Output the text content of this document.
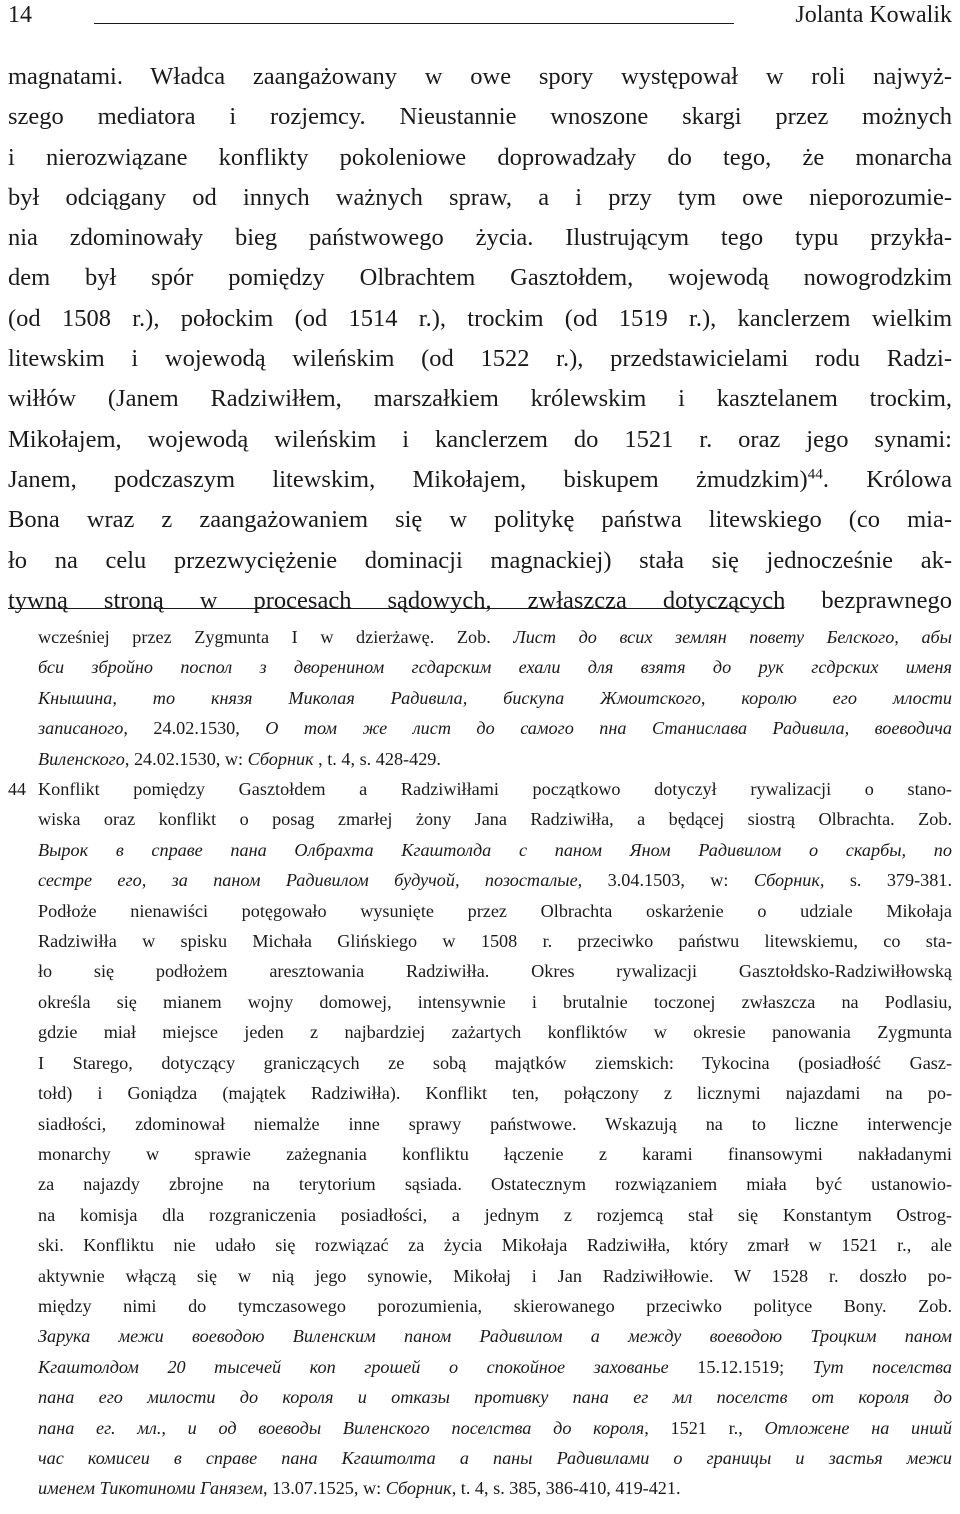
14	Jolanta Kowalik
magnatami. Władca zaangażowany w owe spory występował w roli najwyż-
szego mediatora i rozjemcy. Nieustannie wnoszone skargi przez możnych
i nierozwiązane konflikty pokoleniowe doprowadzały do tego, że monarcha
był odciągany od innych ważnych spraw, a i przy tym owe nieporozumie-
nia zdominowały bieg państwowego życia. Ilustrującym tego typu przykła-
dem był spór pomiędzy Olbrachtem Gasztołdem, wojewodą nowogrodzkim
(od 1508 r.), połockim (od 1514 r.), trockim (od 1519 r.), kanclerzem wielkim
litewskim i wojewodą wileńskim (od 1522 r.), przedstawicielami rodu Radzi-
wiłłów (Janem Radziwiłłem, marszałkiem królewskim i kasztelanem trockim,
Mikołajem, wojewodą wileńskim i kanclerzem do 1521 r. oraz jego synami:
Janem, podczaszym litewskim, Mikołajem, biskupem żmudzkim)$^{44}$. Królowa
Bona wraz z zaangażowaniem się w politykę państwa litewskiego (co mia-
ło na celu przezwyciężenie dominacji magnackiej) stała się jednocześnie ak-
tywną stroną w procesach sądowych, zwłaszcza dotyczących bezprawnego
wcześniej przez Zygmunta I w dzierżawę. Zob. Лист до всих землян повету Белского, абы
бси збройно поспол з дворенином гсдарским ехали для взятя до рук гсдрских именя
Кнышина, то князя Миколая Радивила, бискупа Жмоитского, королю его млости
записаного, 24.02.1530, О том же лист до самого пна Станислава Радивила, воеводича
Виленского, 24.02.1530, w: Сборник , t. 4, s. 428-429.
44 Konflikt pomiędzy Gasztołdem a Radziwiłłami początkowo dotyczył rywalizacji o stano-
wiska oraz konflikt o posag zmarłej żony Jana Radziwiłła, a będącej siostrą Olbrachta. Zob.
Вырок в справе пана Олбрахта Кгаштолда с паном Яном Радивилом о скарбы, по
сестре его, за паном Радивилом будучой, позосталые, 3.04.1503, w: Сборник, s. 379-381.
Podłoże nienawiści potęgowało wysunięte przez Olbrachta oskarżenie o udziale Mikołaja
Radziwiłła w spisku Michała Glińskiego w 1508 r. przeciwko państwu litewskiemu, co sta-
ło się podłożem aresztowania Radziwiłła. Okres rywalizacji Gasztołdsko-Radziwiłłowską
określa się mianem wojny domowej, intensywnie i brutalnie toczonej zwłaszcza na Podlasiu,
gdzie miał miejsce jeden z najbardziej zażartych konfliktów w okresie panowania Zygmunta
I Starego, dotyczący graniczących ze sobą majątków ziemskich: Tykocina (posiadłość Gasz-
tołd) i Goniądza (majątek Radziwiłła). Konflikt ten, połączony z licznymi najazdami na po-
siadłości, zdominował niemalże inne sprawy państwowe. Wskazują na to liczne interwencje
monarchy w sprawie zażegnania konfliktu łączenie z karami finansowymi nakładanymi
za najazdy zbrojne na terytorium sąsiada. Ostatecznym rozwiązaniem miała być ustanowio-
na komisja dla rozgraniczenia posiadłości, a jednym z rozjemcą stał się Konstantym Ostrog-
ski. Konfliktu nie udało się rozwiązać za życia Mikołaja Radziwiłła, który zmarł w 1521 r., ale
aktywnie włączą się w nią jego synowie, Mikołaj i Jan Radziwiłłowie. W 1528 r. doszło po-
między nimi do tymczasowego porozumienia, skierowanego przeciwko polityce Bony. Zob.
Зарука межи воеводою Виленским паном Радивилом а между воеводою Троцким паном
Кгаштолдом 20 тысечей коп грошей о спокойное захованье 15.12.1519; Тут поселства
пана его милости до короля и отказы противку пана ег мл поселств от короля до
пана ег. мл., и од воеводы Виленского поселства до короля, 1521 r., Отложене на иншй
час комисеи в справе пана Кгаштолта а паны Радивилами о границы и застья межи
именем Тикотиноми Ганязем, 13.07.1525, w: Сборник, t. 4, s. 385, 386-410, 419-421.
